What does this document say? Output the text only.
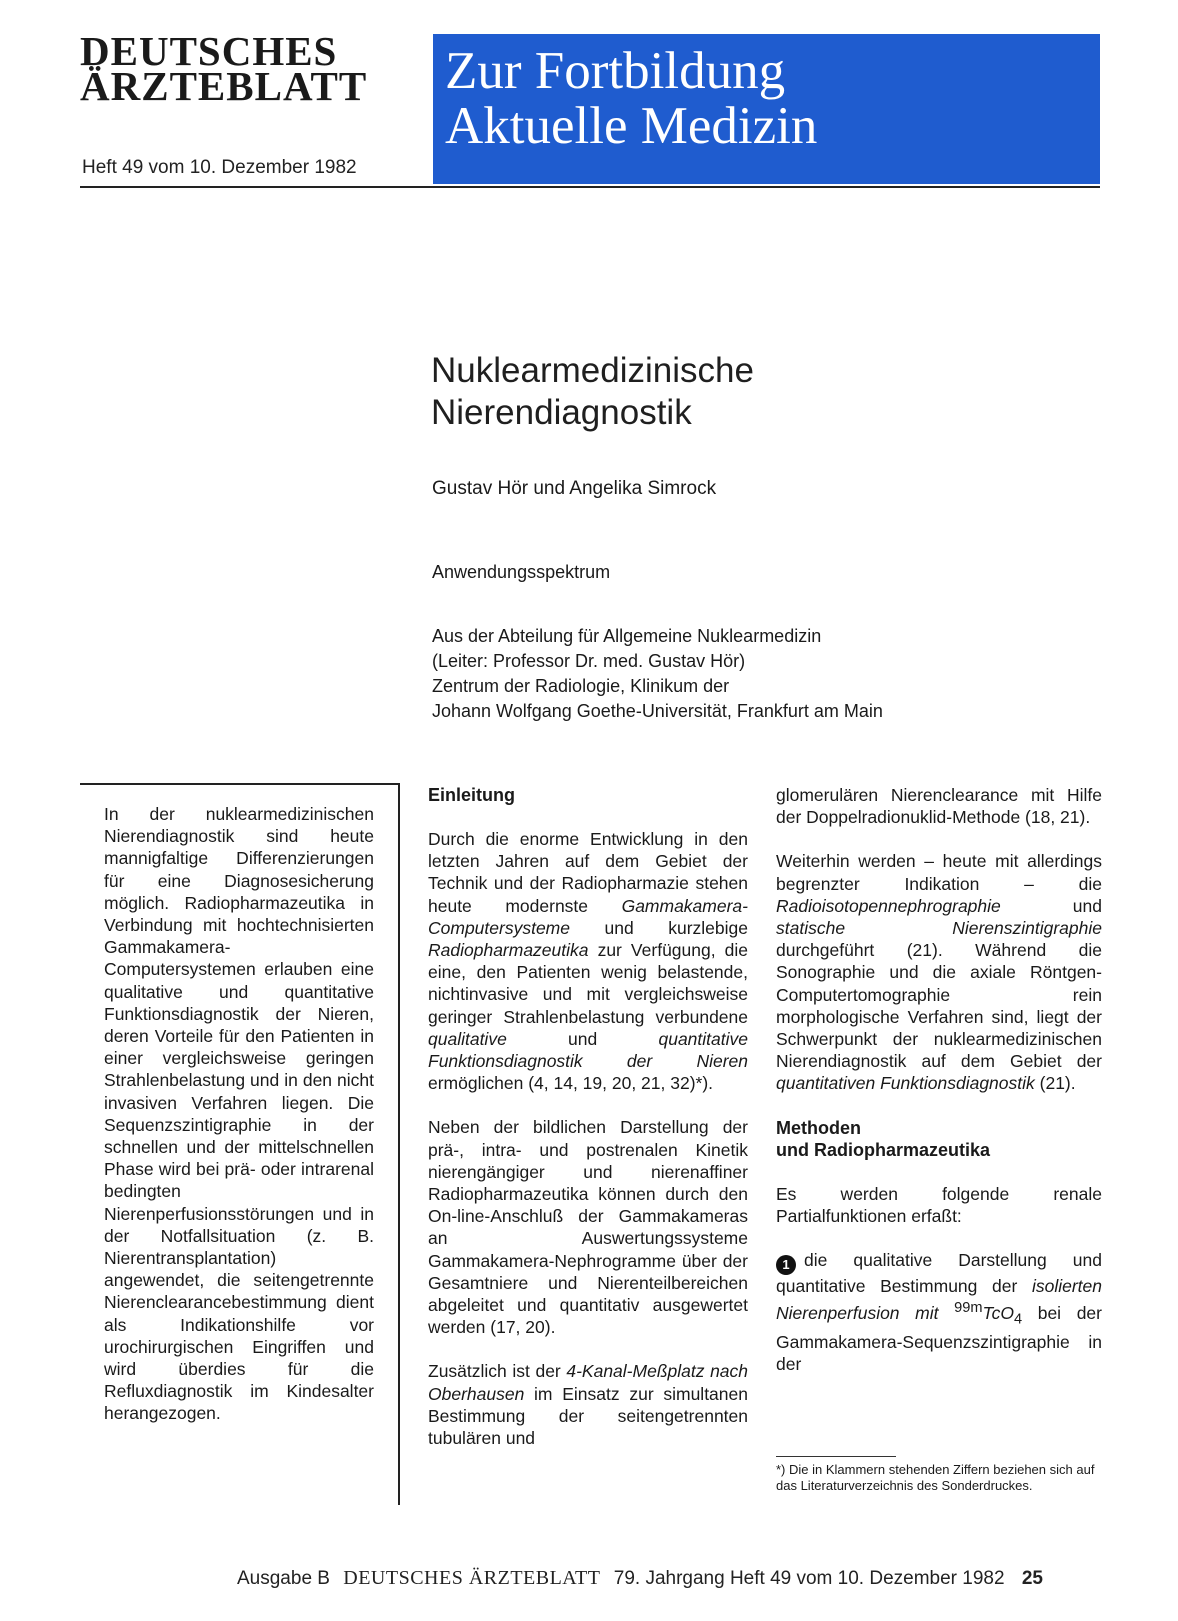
DEUTSCHES
ÄRZTEBLATT
Heft 49 vom 10. Dezember 1982
Zur Fortbildung
Aktuelle Medizin
Nuklearmedizinische
Nierendiagnostik
Gustav Hör und Angelika Simrock
Anwendungsspektrum
Aus der Abteilung für Allgemeine Nuklearmedizin
(Leiter: Professor Dr. med. Gustav Hör)
Zentrum der Radiologie, Klinikum der
Johann Wolfgang Goethe-Universität, Frankfurt am Main
In der nuklearmedizinischen Nierendiagnostik sind heute mannigfaltige Differenzierungen für eine Diagnosesicherung möglich. Radiopharmazeutika in Verbindung mit hochtechnisierten Gammakamera-Computersystemen erlauben eine qualitative und quantitative Funktionsdiagnostik der Nieren, deren Vorteile für den Patienten in einer vergleichsweise geringen Strahlenbelastung und in den nicht invasiven Verfahren liegen. Die Sequenzszintigraphie in der schnellen und der mittelschnellen Phase wird bei prä- oder intrarenal bedingten Nierenperfusionsstörungen und in der Notfallsituation (z. B. Nierentransplantation) angewendet, die seitengetrennte Nierenclearancebestimmung dient als Indikationshilfe vor urochirurgischen Eingriffen und wird überdies für die Refluxdiagnostik im Kindesalter herangezogen.
Einleitung

Durch die enorme Entwicklung in den letzten Jahren auf dem Gebiet der Technik und der Radiopharmazie stehen heute modernste Gammakamera-Computersysteme und kurzlebige Radiopharmazeutika zur Verfügung, die eine, den Patienten wenig belastende, nichtinvasive und mit vergleichsweise geringer Strahlenbelastung verbundene qualitative und quantitative Funktionsdiagnostik der Nieren ermöglichen (4, 14, 19, 20, 21, 32)*).

Neben der bildlichen Darstellung der prä-, intra- und postrenalen Kinetik nierengängiger und nierenaffiner Radiopharmazeutika können durch den On-line-Anschluß der Gammakameras an Auswertungssysteme Gammakamera-Nephrogramme über der Gesamtniere und Nierenteilbereichen abgeleitet und quantitativ ausgewertet werden (17, 20).

Zusätzlich ist der 4-Kanal-Meßplatz nach Oberhausen im Einsatz zur simultanen Bestimmung der seitengetrennten tubulären und

glomerulären Nierenclearance mit Hilfe der Doppelradionuklid-Methode (18, 21).

Weiterhin werden – heute mit allerdings begrenzter Indikation – die Radioisotopennephrographie und statische Nierenszintigraphie durchgeführt (21). Während die Sonographie und die axiale Röntgen-Computertomographie rein morphologische Verfahren sind, liegt der Schwerpunkt der nuklearmedizinischen Nierendiagnostik auf dem Gebiet der quantitativen Funktionsdiagnostik (21).

Methoden
und Radiopharmazeutika

Es werden folgende renale Partialfunktionen erfaßt:

1 die qualitative Darstellung und quantitative Bestimmung der isolierten Nierenperfusion mit $^{99m}$TcO$_4$ bei der Gammakamera-Sequenzszintigraphie in der

*) Die in Klammern stehenden Ziffern beziehen sich auf das Literaturverzeichnis des Sonderdruckes.
Ausgabe B DEUTSCHES ÄRZTEBLATT 79. Jahrgang Heft 49 vom 10. Dezember 1982 25
